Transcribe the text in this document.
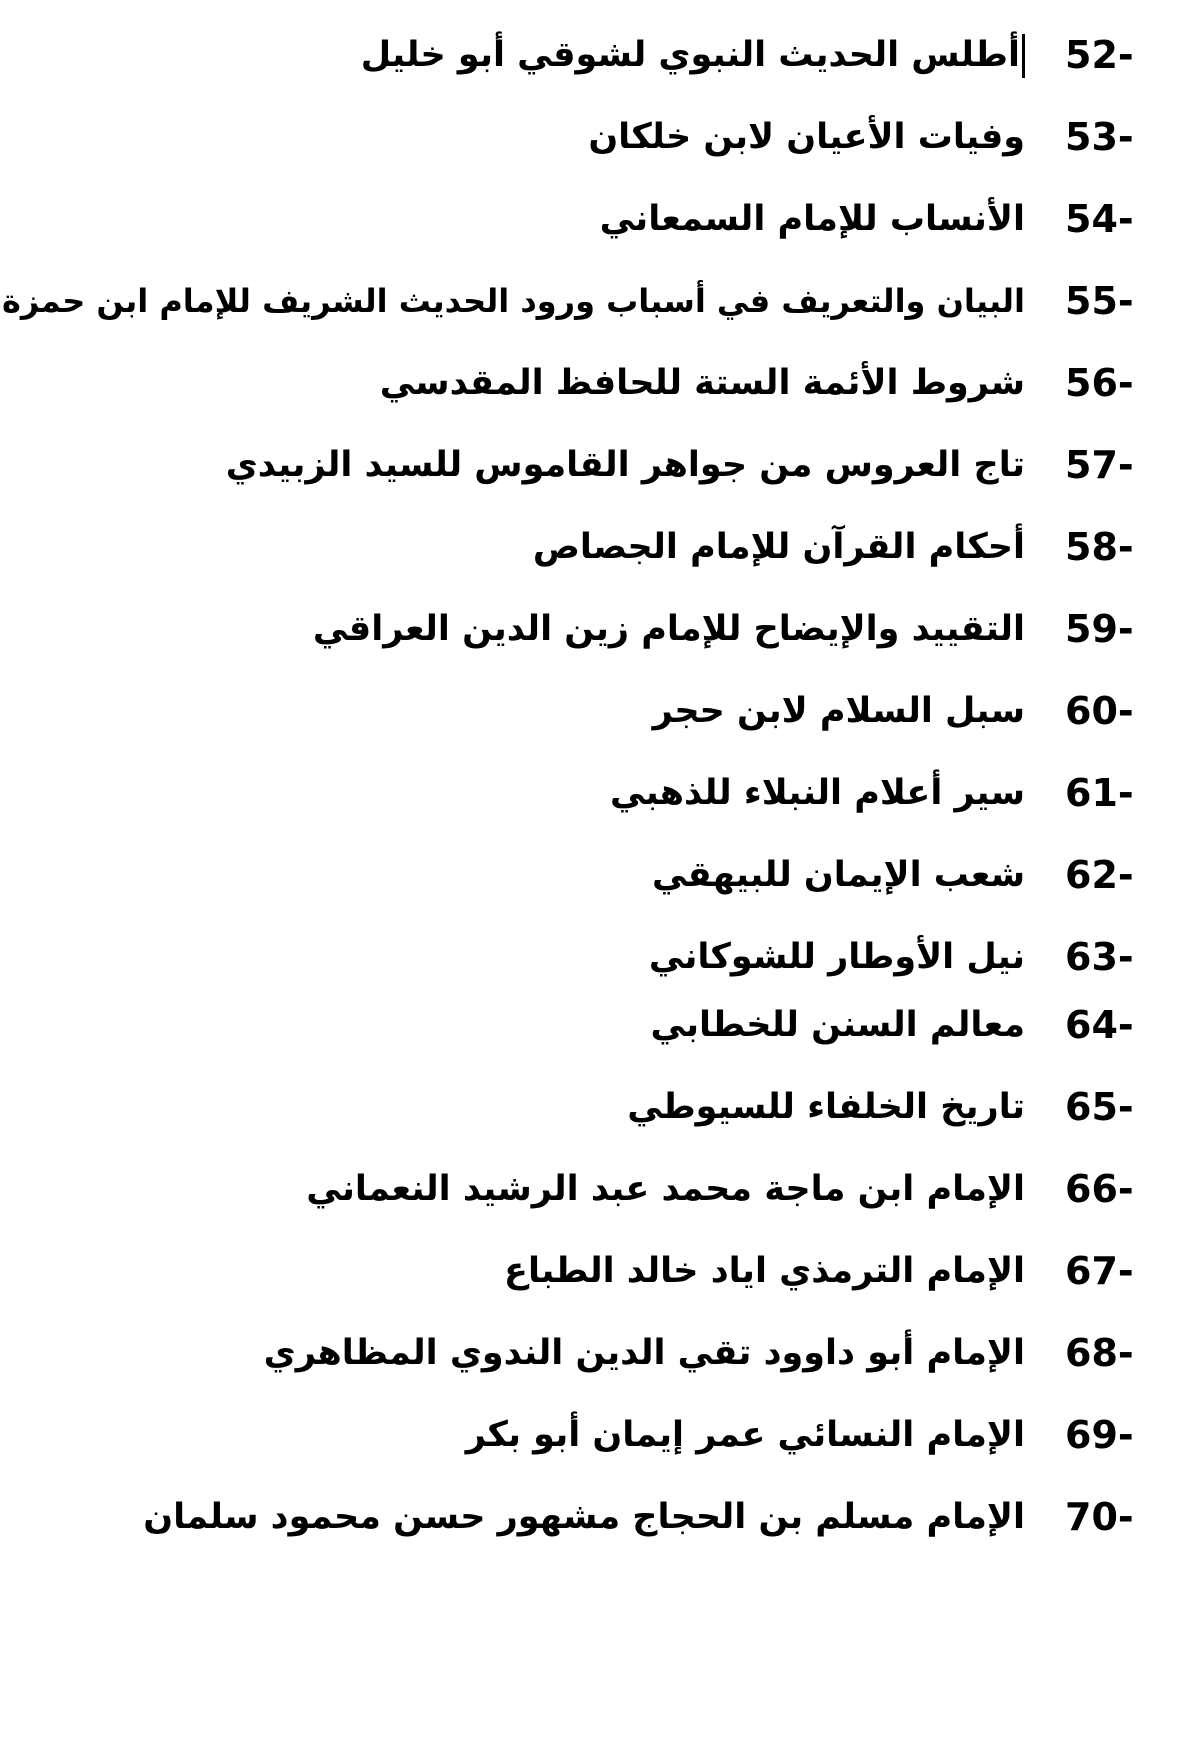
52-
أطلس الحديث النبوي لشوقي أبو خليل
53-
وفيات الأعيان لابن خلكان
54-
الأنساب للإمام السمعاني
55-
البيان والتعريف في أسباب ورود الحديث الشريف للإمام ابن حمزة
56-
شروط الأئمة الستة للحافظ المقدسي
57-
تاج العروس من جواهر القاموس للسيد الزبيدي
58-
أحكام القرآن للإمام الجصاص
59-
التقييد والإيضاح للإمام زين الدين العراقي
60-
سبل السلام لابن حجر
61-
سير أعلام النبلاء للذهبي
62-
شعب الإيمان للبيهقي
63-
نيل الأوطار للشوكاني
64-
معالم السنن للخطابي
65-
تاريخ الخلفاء للسيوطي
66-
الإمام ابن ماجة محمد عبد الرشيد النعماني
67-
الإمام الترمذي اياد خالد الطباع
68-
الإمام أبو داوود تقي الدين الندوي المظاهري
69-
الإمام النسائي عمر إيمان أبو بكر
70-
الإمام مسلم بن الحجاج مشهور حسن محمود سلمان
